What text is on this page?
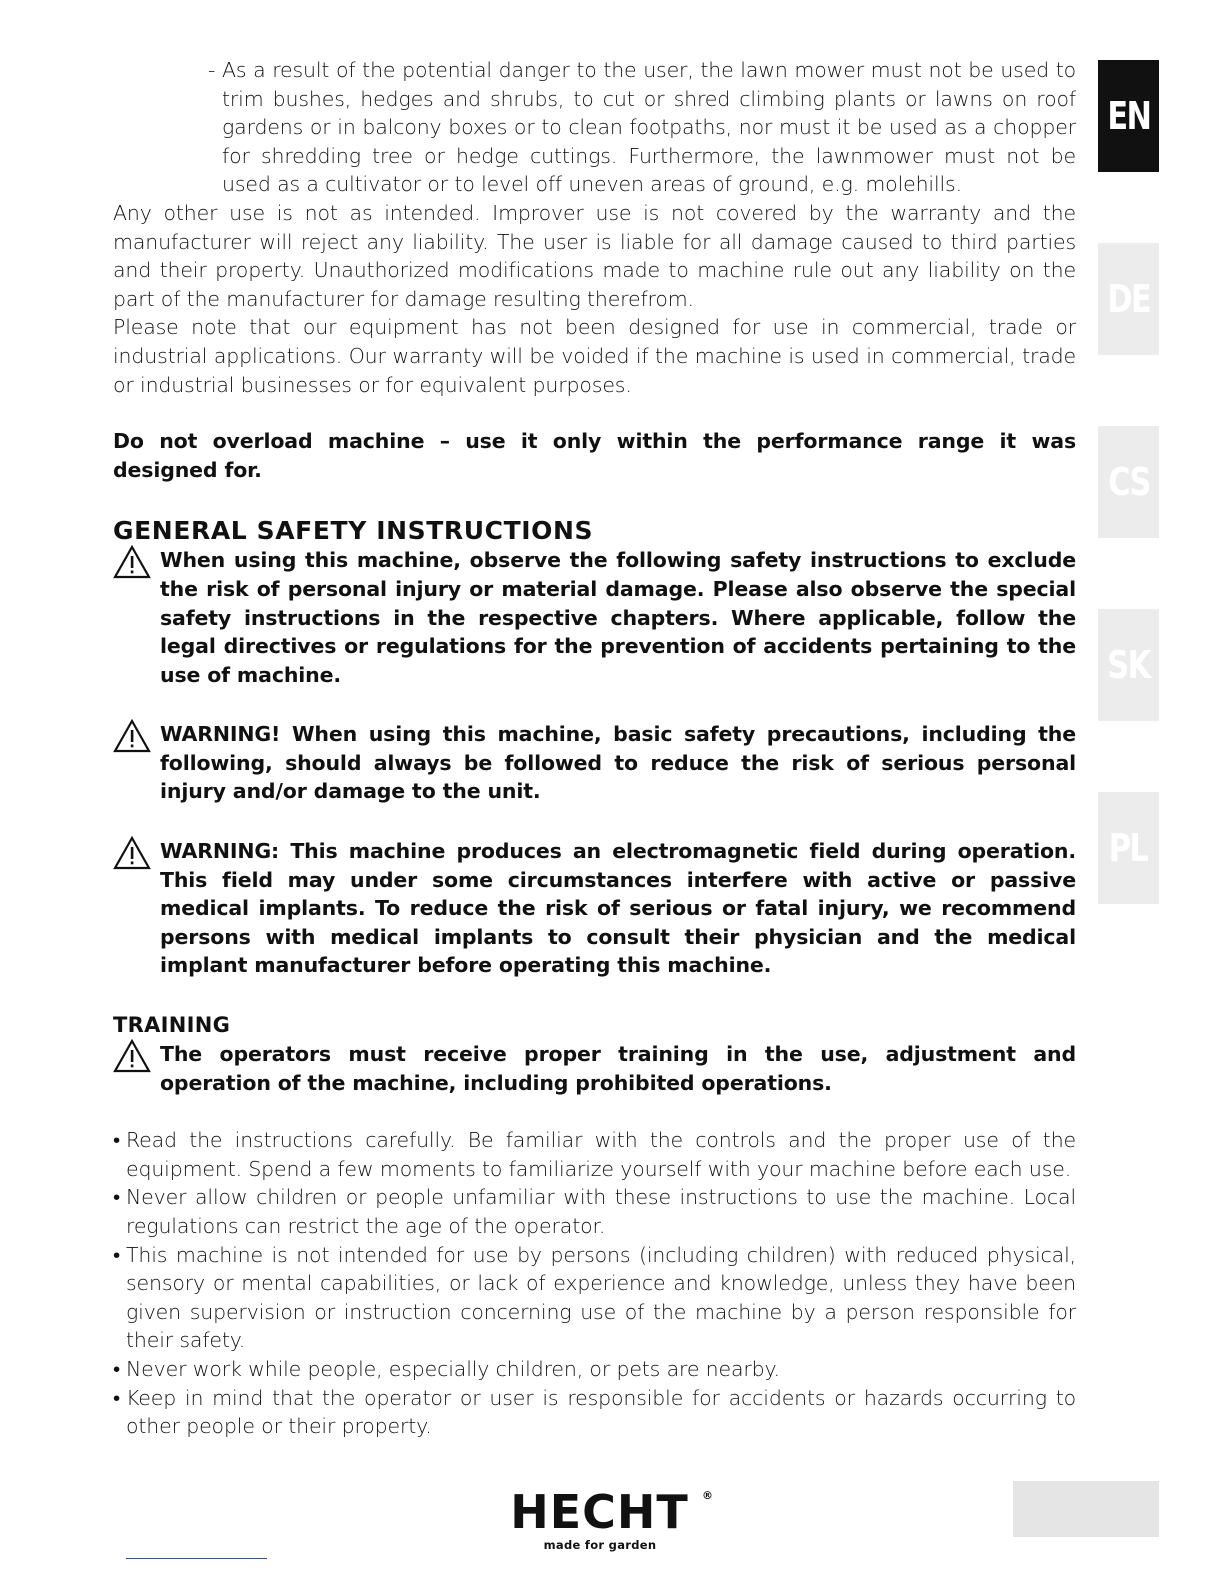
- As a result of the potential danger to the user, the lawn mower must not be used to trim bushes, hedges and shrubs, to cut or shred climbing plants or lawns on roof gardens or in balcony boxes or to clean footpaths, nor must it be used as a chopper for shredding tree or hedge cuttings. Furthermore, the lawnmower must not be used as a cultivator or to level off uneven areas of ground, e.g. molehills.

Any other use is not as intended. Improver use is not covered by the warranty and the manufacturer will reject any liability. The user is liable for all damage caused to third parties and their property. Unauthorized modifications made to machine rule out any liability on the part of the manufacturer for damage resulting therefrom.

Please note that our equipment has not been designed for use in commercial, trade or industrial applications. Our warranty will be voided if the machine is used in commercial, trade or industrial businesses or for equivalent purposes.

Do not overload machine – use it only within the performance range it was designed for.

GENERAL SAFETY INSTRUCTIONS

When using this machine, observe the following safety instructions to exclude the risk of personal injury or material damage. Please also observe the special safety instructions in the respective chapters. Where applicable, follow the legal directives or regulations for the prevention of accidents pertaining to the use of machine.

WARNING! When using this machine, basic safety precautions, including the following, should always be followed to reduce the risk of serious personal injury and/or damage to the unit.

WARNING: This machine produces an electromagnetic field during operation. This field may under some circumstances interfere with active or passive medical implants. To reduce the risk of serious or fatal injury, we recommend persons with medical implants to consult their physician and the medical implant manufacturer before operating this machine.

TRAINING

The operators must receive proper training in the use, adjustment and operation of the machine, including prohibited operations.

• Read the instructions carefully. Be familiar with the controls and the proper use of the equipment. Spend a few moments to familiarize yourself with your machine before each use.

• Never allow children or people unfamiliar with these instructions to use the machine. Local regulations can restrict the age of the operator.

• This machine is not intended for use by persons (including children) with reduced physical, sensory or mental capabilities, or lack of experience and knowledge, unless they have been given supervision or instruction concerning use of the machine by a person responsible for their safety.

• Never work while people, especially children, or pets are nearby.

• Keep in mind that the operator or user is responsible for accidents or hazards occurring to other people or their property.

EN
DE
CS
SK
PL
HECHT	®
made for garden
